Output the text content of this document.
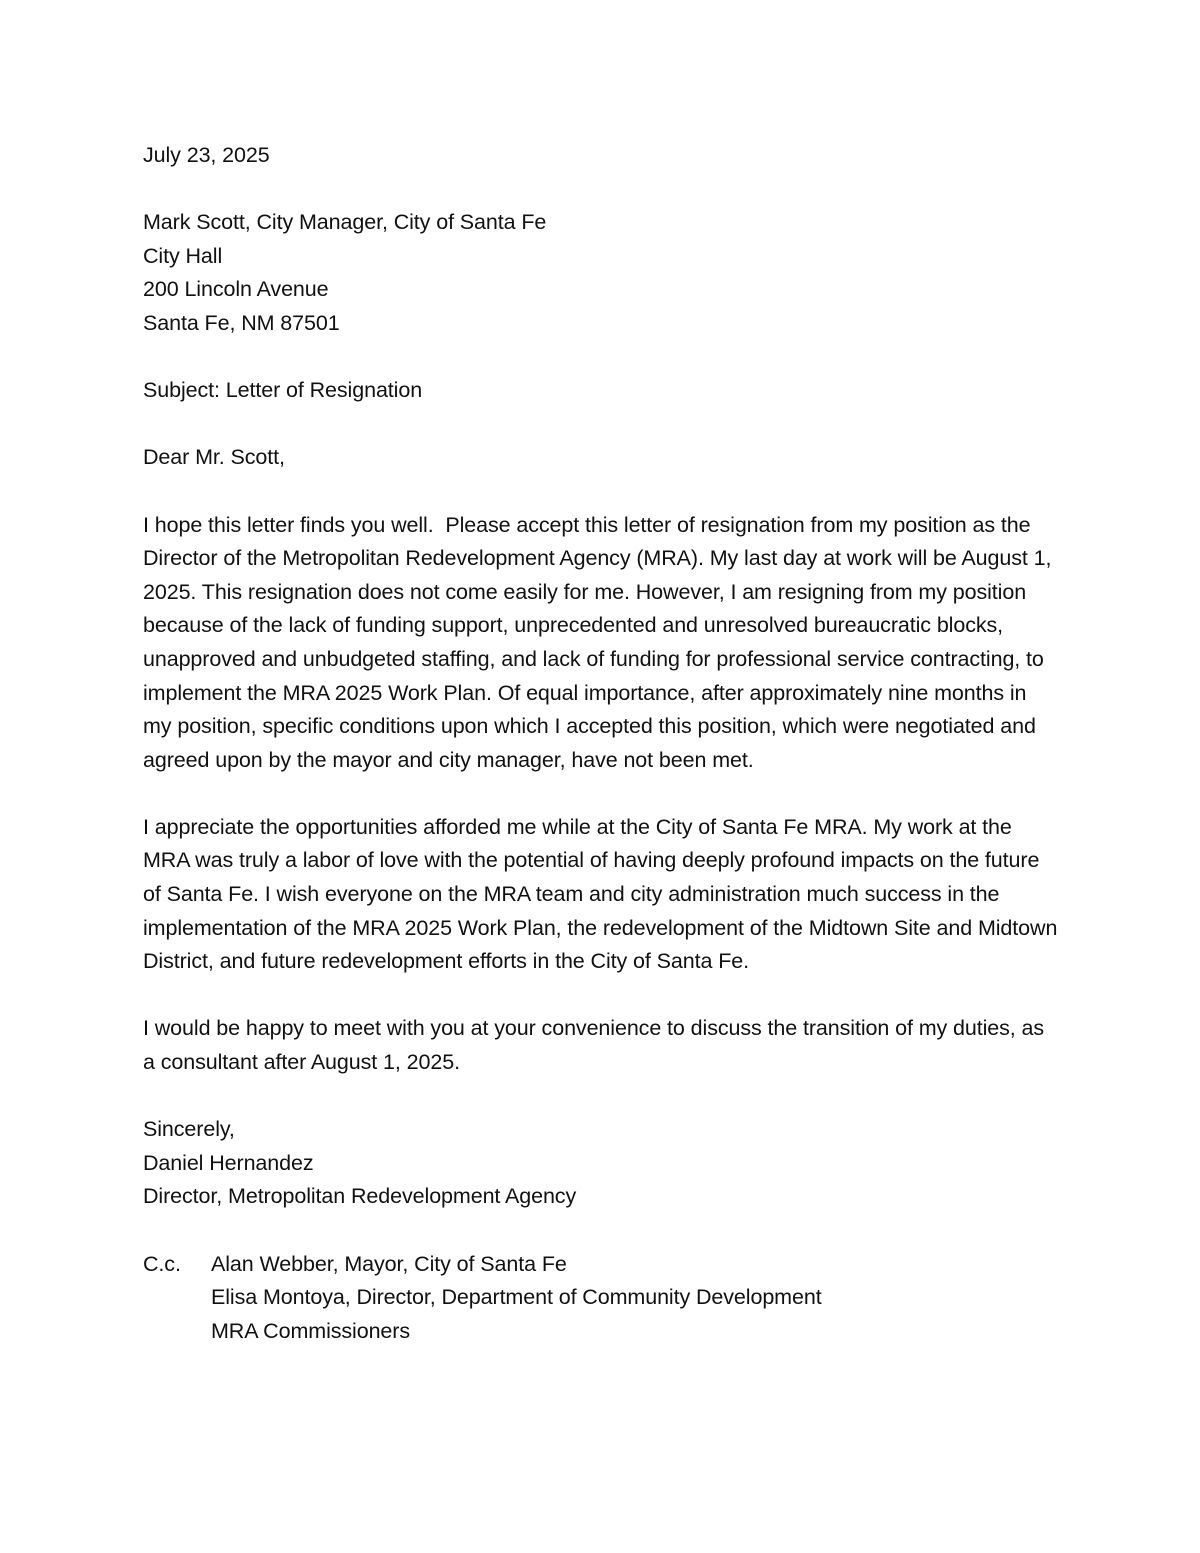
July 23, 2025
Mark Scott, City Manager, City of Santa Fe
City Hall
200 Lincoln Avenue
Santa Fe, NM 87501
Subject: Letter of Resignation
Dear Mr. Scott,

I hope this letter finds you well.  Please accept this letter of resignation from my position as the Director of the Metropolitan Redevelopment Agency (MRA). My last day at work will be August 1, 2025. This resignation does not come easily for me. However, I am resigning from my position because of the lack of funding support, unprecedented and unresolved bureaucratic blocks, unapproved and unbudgeted staffing, and lack of funding for professional service contracting, to implement the MRA 2025 Work Plan. Of equal importance, after approximately nine months in my position, specific conditions upon which I accepted this position, which were negotiated and agreed upon by the mayor and city manager, have not been met.

I appreciate the opportunities afforded me while at the City of Santa Fe MRA. My work at the MRA was truly a labor of love with the potential of having deeply profound impacts on the future of Santa Fe. I wish everyone on the MRA team and city administration much success in the implementation of the MRA 2025 Work Plan, the redevelopment of the Midtown Site and Midtown District, and future redevelopment efforts in the City of Santa Fe.

I would be happy to meet with you at your convenience to discuss the transition of my duties, as a consultant after August 1, 2025.

Sincerely,
Daniel Hernandez
Director, Metropolitan Redevelopment Agency
C.c.	Alan Webber, Mayor, City of Santa Fe
Elisa Montoya, Director, Department of Community Development
MRA Commissioners
